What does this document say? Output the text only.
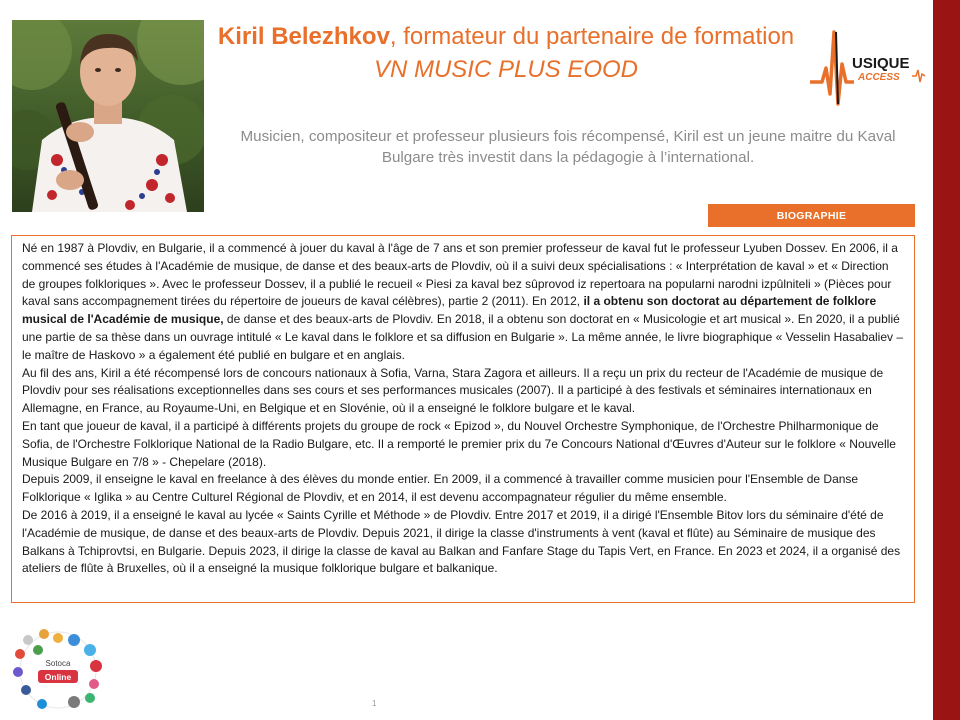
Kiril Belezhkov, formateur du partenaire de formation VN MUSIC PLUS EOOD	USIQUE
ACCESS
Musicien, compositeur et professeur plusieurs fois récompensé, Kiril est un jeune maitre du Kaval Bulgare très investit dans la pédagogie à l’international.
BIOGRAPHIE

Né en 1987 à Plovdiv, en Bulgarie, il a commencé à jouer du kaval à l'âge de 7 ans et son premier professeur de kaval fut le professeur Lyuben Dossev. En 2006, il a commencé ses études à l'Académie de musique, de danse et des beaux-arts de Plovdiv, où il a suivi deux spécialisations : « Interprétation de kaval » et « Direction de groupes folkloriques ». Avec le professeur Dossev, il a publié le recueil « Piesi za kaval bez sûprovod iz repertoara na popularni narodni izpûlniteli » (Pièces pour kaval sans accompagnement tirées du répertoire de joueurs de kaval célèbres), partie 2 (2011). En 2012, il a obtenu son doctorat au département de folklore musical de l'Académie de musique, de danse et des beaux-arts de Plovdiv. En 2018, il a obtenu son doctorat en « Musicologie et art musical ». En 2020, il a publié une partie de sa thèse dans un ouvrage intitulé « Le kaval dans le folklore et sa diffusion en Bulgarie ». La même année, le livre biographique « Vesselin Hasabaliev – le maître de Haskovo » a également été publié en bulgare et en anglais.

Au fil des ans, Kiril a été récompensé lors de concours nationaux à Sofia, Varna, Stara Zagora et ailleurs. Il a reçu un prix du recteur de l'Académie de musique de Plovdiv pour ses réalisations exceptionnelles dans ses cours et ses performances musicales (2007). Il a participé à des festivals et séminaires internationaux en Allemagne, en France, au Royaume-Uni, en Belgique et en Slovénie, où il a enseigné le folklore bulgare et le kaval.

En tant que joueur de kaval, il a participé à différents projets du groupe de rock « Epizod », du Nouvel Orchestre Symphonique, de l'Orchestre Philharmonique de Sofia, de l'Orchestre Folklorique National de la Radio Bulgare, etc. Il a remporté le premier prix du 7e Concours National d'Œuvres d'Auteur sur le folklore « Nouvelle Musique Bulgare en 7/8 » - Chepelare (2018).

Depuis 2009, il enseigne le kaval en freelance à des élèves du monde entier. En 2009, il a commencé à travailler comme musicien pour l'Ensemble de Danse Folklorique « Iglika » au Centre Culturel Régional de Plovdiv, et en 2014, il est devenu accompagnateur régulier du même ensemble.

De 2016 à 2019, il a enseigné le kaval au lycée « Saints Cyrille et Méthode » de Plovdiv. Entre 2017 et 2019, il a dirigé l'Ensemble Bitov lors du séminaire d'été de l'Académie de musique, de danse et des beaux-arts de Plovdiv. Depuis 2021, il dirige la classe d'instruments à vent (kaval et flûte) au Séminaire de musique des Balkans à Tchiprovtsi, en Bulgarie. Depuis 2023, il dirige la classe de kaval au Balkan and Fanfare Stage du Tapis Vert, en France. En 2023 et 2024, il a organisé des ateliers de flûte à Bruxelles, où il a enseigné la musique folklorique bulgare et balkanique.

Sotoca
Online
1
